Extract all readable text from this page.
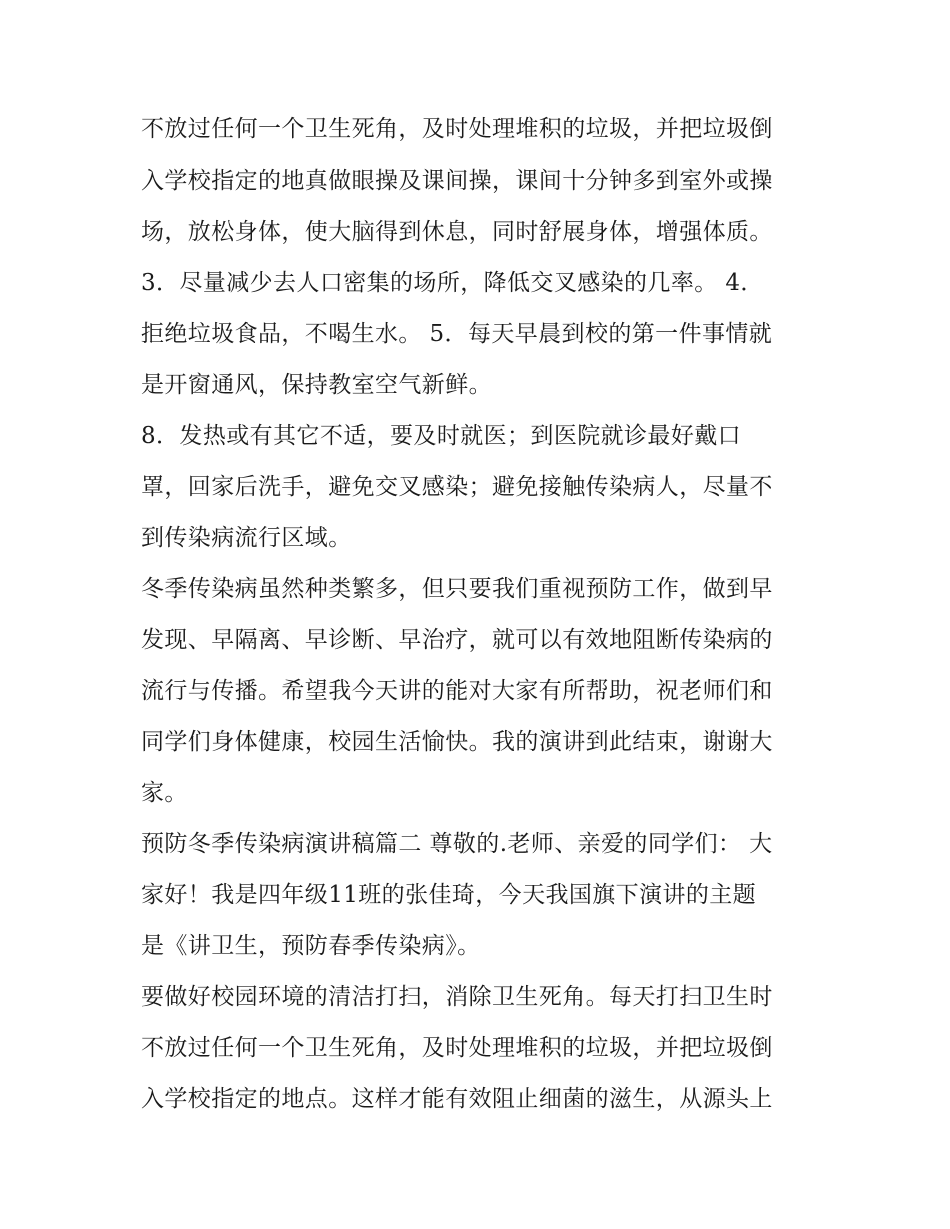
不放过任何一个卫生死角，及时处理堆积的垃圾，并把垃圾倒
入学校指定的地真做眼操及课间操，课间十分钟多到室外或操
场，放松身体，使大脑得到休息，同时舒展身体，增强体质。
3．尽量减少去人口密集的场所，降低交叉感染的几率。 4．
拒绝垃圾食品，不喝生水。 5．每天早晨到校的第一件事情就
是开窗通风，保持教室空气新鲜。
8．发热或有其它不适，要及时就医；到医院就诊最好戴口
罩，回家后洗手，避免交叉感染；避免接触传染病人，尽量不
到传染病流行区域。
冬季传染病虽然种类繁多，但只要我们重视预防工作，做到早
发现、早隔离、早诊断、早治疗，就可以有效地阻断传染病的
流行与传播。希望我今天讲的能对大家有所帮助，祝老师们和
同学们身体健康，校园生活愉快。我的演讲到此结束，谢谢大
家。
预防冬季传染病演讲稿篇二 尊敬的.老师、亲爱的同学们： 大
家好！我是四年级11班的张佳琦，今天我国旗下演讲的主题
是《讲卫生，预防春季传染病》。
要做好校园环境的清洁打扫，消除卫生死角。每天打扫卫生时
不放过任何一个卫生死角，及时处理堆积的垃圾，并把垃圾倒
入学校指定的地点。这样才能有效阻止细菌的滋生，从源头上
